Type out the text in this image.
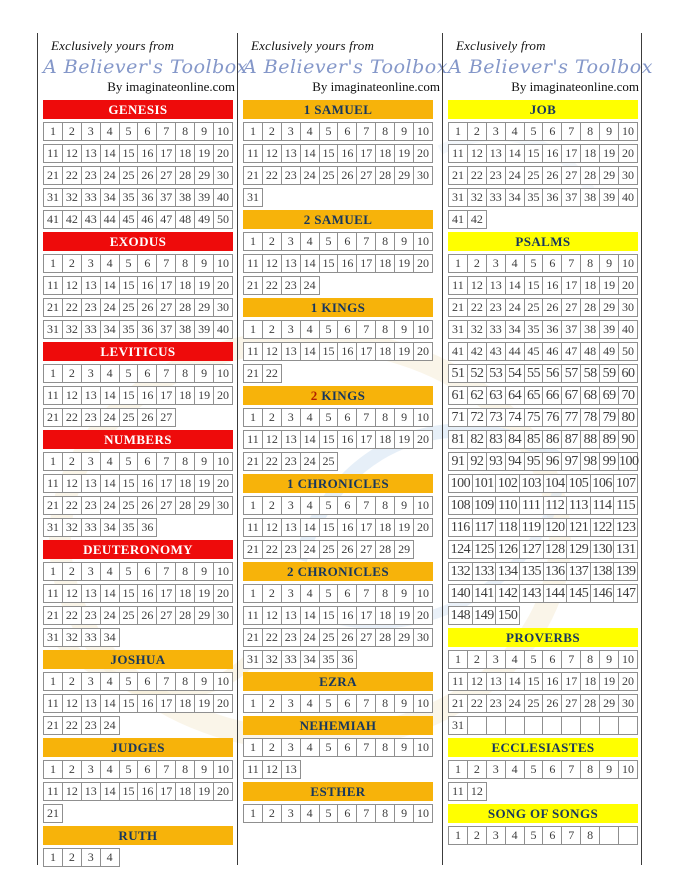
Exclusively yours from
A Believer's Toolbox
By imaginateonline.com
GENESIS
1	2	3	4	5	6	7	8	9 10
11 12 13 14 15 16 17 18 19 20
21 22 23 24 25 26 27 28 29 30
31 32 33 34 35 36 37 38 39 40
41 42 43 44 45 46 47 48 49 50
EXODUS
1	2	3	4	5	6	7	8	9 10
11 12 13 14 15 16 17 18 19 20
21 22 23 24 25 26 27 28 29 30
31 32 33 34 35 36 37 38 39 40
LEVITICUS
1	2	3	4	5	6	7	8	9 10
11 12 13 14 15 16 17 18 19 20
21 22 23 24 25 26 27
NUMBERS
1	2	3	4	5	6	7	8	9 10
11 12 13 14 15 16 17 18 19 20
21 22 23 24 25 26 27 28 29 30
31 32 33 34 35 36
DEUTERONOMY
1	2	3	4	5	6	7	8	9 10
11 12 13 14 15 16 17 18 19 20
21 22 23 24 25 26 27 28 29 30
31 32 33 34
JOSHUA
1	2	3	4	5	6	7	8	9 10
11 12 13 14 15 16 17 18 19 20
21 22 23 24
JUDGES
1	2	3	4	5	6	7	8	9 10
11 12 13 14 15 16 17 18 19 20
21
RUTH
1	2	3	4
Exclusively yours from
A Believer's Toolbox
By imaginateonline.com
1 SAMUEL
1	2	3	4	5	6	7	8	9 10
11 12 13 14 15 16 17 18 19 20
21 22 23 24 25 26 27 28 29 30
31
2 SAMUEL
1	2	3	4	5	6	7	8	9 10
11 12 13 14 15 16 17 18 19 20
21 22 23 24
1 KINGS
1	2	3	4	5	6	7	8	9 10
11 12 13 14 15 16 17 18 19 20
21 22
2 KINGS
1	2	3	4	5	6	7	8	9 10
11 12 13 14 15 16 17 18 19 20
21 22 23 24 25
1 CHRONICLES
1	2	3	4	5	6	7	8	9 10
11 12 13 14 15 16 17 18 19 20
21 22 23 24 25 26 27 28 29
2 CHRONICLES
1	2	3	4	5	6	7	8	9 10
11 12 13 14 15 16 17 18 19 20
21 22 23 24 25 26 27 28 29 30
31 32 33 34 35 36
EZRA
1	2	3	4	5	6	7	8	9 10
NEHEMIAH
1	2	3	4	5	6	7	8	9 10
11 12 13
ESTHER
1	2	3	4	5	6	7	8	9 10
Exclusively from
A Believer's Toolbox
By imaginateonline.com
JOB
1	2	3	4	5	6	7	8	9 10
11 12 13 14 15 16 17 18 19 20
21 22 23 24 25 26 27 28 29 30
31 32 33 34 35 36 37 38 39 40
41 42
PSALMS
1	2	3	4	5	6	7	8	9 10
11 12 13 14 15 16 17 18 19 20
21 22 23 24 25 26 27 28 29 30
31 32 33 34 35 36 37 38 39 40
41 42 43 44 45 46 47 48 49 50
51 52 53 54 55 56 57 58 59 60
61 62 63 64 65 66 67 68 69 70
71 72 73 74 75 76 77 78 79 80
81 82 83 84 85 86 87 88 89 90
91 92 93 94 95 96 97 98 99 100
100 101 102 103 104 105 106 107
108 109 110 111 112 113 114 115
116 117 118 119 120 121 122 123
124 125 126 127 128 129 130 131
132 133 134 135 136 137 138 139
140 141 142 143 144 145 146 147
148 149 150
PROVERBS
1	2	3	4	5	6	7	8	9 10
11 12 13 14 15 16 17 18 19 20
21 22 23 24 25 26 27 28 29 30
31
ECCLESIASTES
1	2	3	4	5	6	7	8	9 10
11 12
SONG OF SONGS
1	2	3	4	5	6	7	8
